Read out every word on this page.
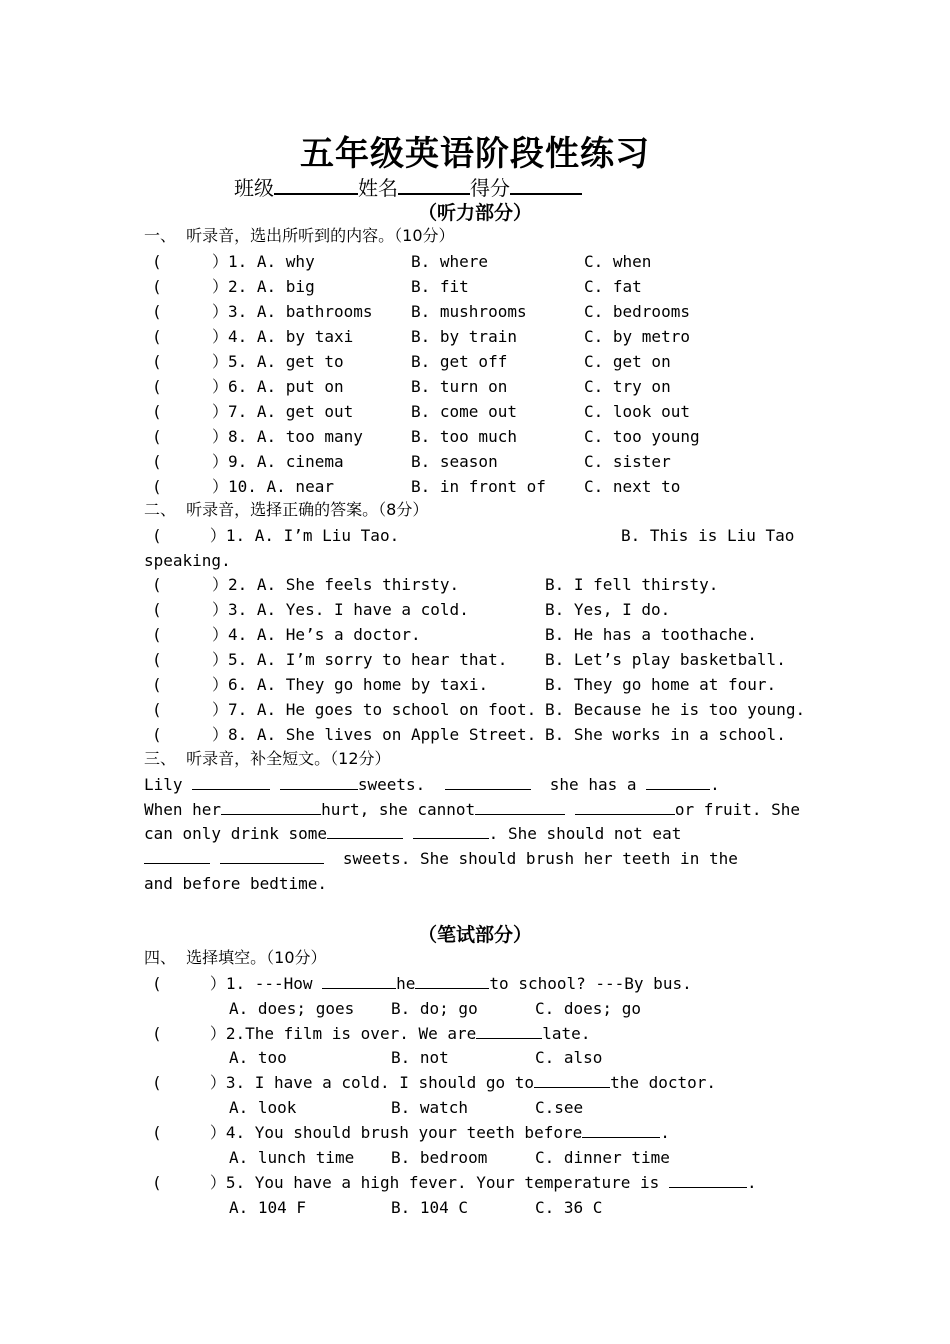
五年级英语阶段性练习
班级	姓名	得分
（听力部分）
一、  听录音，选出所听到的内容。（10分）
(	）1. A. why	B. where	C. when
(	）2. A. big	B. fit	C. fat
(	）3. A. bathrooms B. mushrooms	C. bedrooms
(	）4. A. by taxi	B. by train	C. by metro
(	）5. A. get to	B. get off	C. get on
(	）6. A. put on	B. turn on	C. try on
(	）7. A. get out	B. come out	C. look out
(	）8. A. too many	B. too much	C. too young
(	）9. A. cinema	B. season	C. sister
(	）10. A. near	B. in front of C. next to
二、  听录音，选择正确的答案。（8分）
(	）1. A. I’m Liu Tao.	B. This is Liu Tao
speaking.
(	）2. A. She feels thirsty.	B. I fell thirsty.
(	）3. A. Yes. I have a cold.	B. Yes, I do.
(	）4. A. He’s a doctor.	B. He has a toothache.
(	）5. A. I’m sorry to hear that. B. Let’s play basketball.
(	）6. A. They go home by taxi.	B. They go home at four.
(	）7. A. He goes to school on foot. B. Because he is too young.
(	）8. A. She lives on Apple Street. B. She works in a school.
三、  听录音，补全短文。（12分）
Lily	sweets.	she has a	.
When her	hurt, she cannot	or fruit. She
can only drink some	. She should not eat
sweets. She should brush her teeth in the
and before bedtime.
（笔试部分）
四、  选择填空。（10分）
(	）1. ---How	he	to school? ---By bus.
A. does; goes B. do; go	C. does; go
(	）2.The film is over. We are	late.
A. too	B. not	C. also
(	）3. I have a cold. I should go to	the doctor.
A. look	B. watch	C.see
(	）4. You should brush your teeth before	.
A. lunch time B. bedroom	C. dinner time
(	）5. You have a high fever. Your temperature is	.
A. 104 F	B. 104 C	C. 36 C
